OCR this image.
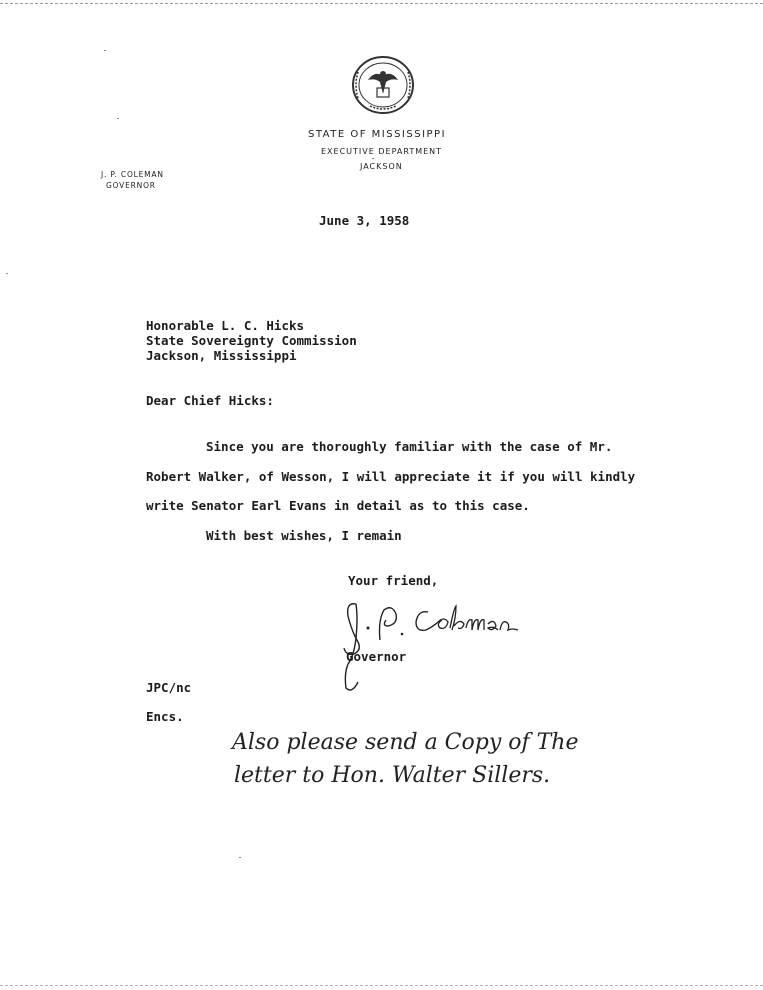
STATE OF MISSISSIPPI
EXECUTIVE DEPARTMENT
JACKSON
J. P. COLEMAN
GOVERNOR
June 3, 1958
Honorable L. C. Hicks
State Sovereignty Commission
Jackson, Mississippi
Dear Chief Hicks:
Since you are thoroughly familiar with the case of Mr.
Robert Walker, of Wesson, I will appreciate it if you will kindly
write Senator Earl Evans in detail as to this case.
With best wishes, I remain
Your friend,
Governor
JPC/nc
Encs.
Also please send a Copy of The
letter to Hon. Walter Sillers.
